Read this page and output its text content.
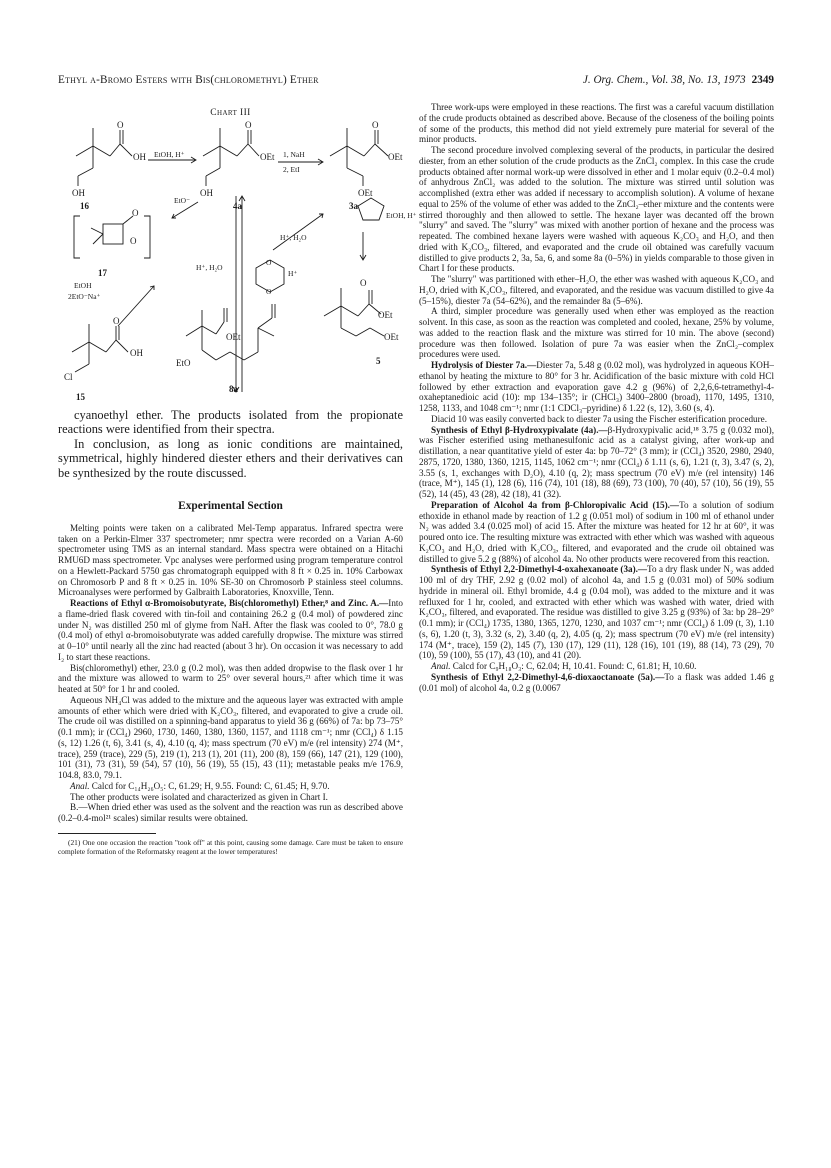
Ethyl α-Bromo Esters with Bis(chloromethyl) Ether	J. Org. Chem., Vol. 38, No. 13, 1973 2349
Chart III
O
OH
OH
16
EtOH, H⁺
O
OEt
OH
4a
1, NaH
2, EtI
O
OEt
OEt
3a
EtO⁻
O
O
17
H⁺, H₂O
H⁺
O
O
H⁺, H₂O
EtOH, H⁺
EtOH
2EtO⁻Na⁺
O
OEt
OEt
5
O
OH
Cl
15
OEt
EtO
8a

cyanoethyl ether. The products isolated from the propionate reactions were identified from their spectra.

In conclusion, as long as ionic conditions are maintained, symmetrical, highly hindered diester ethers and their derivatives can be synthesized by the route discussed.

Experimental Section

Melting points were taken on a calibrated Mel-Temp apparatus. Infrared spectra were taken on a Perkin-Elmer 337 spectrometer; nmr spectra were recorded on a Varian A-60 spectrometer using TMS as an internal standard. Mass spectra were obtained on a Hitachi RMU6D mass spectrometer. Vpc analyses were performed using program temperature control on a Hewlett-Packard 5750 gas chromatograph equipped with 8 ft × 0.25 in. 10% Carbowax on Chromosorb P and 8 ft × 0.25 in. 10% SE-30 on Chromosorb P stainless steel columns. Microanalyses were performed by Galbraith Laboratories, Knoxville, Tenn.

Reactions of Ethyl α-Bromoisobutyrate, Bis(chloromethyl) Ether,⁸ and Zinc. A.—Into a flame-dried flask covered with tin-foil and containing 26.2 g (0.4 mol) of powdered zinc under N₂ was distilled 250 ml of glyme from NaH. After the flask was cooled to 0°, 78.0 g (0.4 mol) of ethyl α-bromoisobutyrate was added carefully dropwise. The mixture was stirred at 0–10° until nearly all the zinc had reacted (about 3 hr). On occasion it was necessary to add I₂ to start these reactions.

Bis(chloromethyl) ether, 23.0 g (0.2 mol), was then added dropwise to the flask over 1 hr and the mixture was allowed to warm to 25° over several hours,²¹ after which time it was heated at 50° for 1 hr and cooled.

Aqueous NH₄Cl was added to the mixture and the aqueous layer was extracted with ample amounts of ether which were dried with K₂CO₃, filtered, and evaporated to give a crude oil. The crude oil was distilled on a spinning-band apparatus to yield 36 g (66%) of 7a: bp 73–75° (0.1 mm); ir (CCl₄) 2960, 1730, 1460, 1380, 1360, 1157, and 1118 cm⁻¹; nmr (CCl₄) δ 1.15 (s, 12) 1.26 (t, 6), 3.41 (s, 4), 4.10 (q, 4); mass spectrum (70 eV) m/e (rel intensity) 274 (M⁺, trace), 259 (trace), 229 (5), 219 (1), 213 (1), 201 (11), 200 (8), 159 (66), 147 (21), 129 (100), 101 (31), 73 (31), 59 (54), 57 (10), 56 (19), 55 (15), 43 (11); metastable peaks m/e 176.9, 104.8, 83.0, 79.1.

Anal. Calcd for C₁₄H₂₆O₅: C, 61.29; H, 9.55. Found: C, 61.45; H, 9.70.

The other products were isolated and characterized as given in Chart I.

B.—When dried ether was used as the solvent and the reaction was run as described above (0.2–0.4-mol²¹ scales) similar results were obtained.

(21) One one occasion the reaction "took off" at this point, causing some damage. Care must be taken to ensure complete formation of the Reformatsky reagent at the lower temperatures!

Three work-ups were employed in these reactions. The first was a careful vacuum distillation of the crude products obtained as described above. Because of the closeness of the boiling points of some of the products, this method did not yield extremely pure material for several of the minor products.

The second procedure involved complexing several of the products, in particular the desired diester, from an ether solution of the crude products as the ZnCl₂ complex. In this case the crude products obtained after normal work-up were dissolved in ether and 1 molar equiv (0.2–0.4 mol) of anhydrous ZnCl₂ was added to the solution. The mixture was stirred until solution was accomplished (extra ether was added if necessary to accomplish solution). A volume of hexane equal to 25% of the volume of ether was added to the ZnCl₂–ether mixture and the contents were stirred thoroughly and then allowed to settle. The hexane layer was decanted off the brown "slurry" and saved. The "slurry" was mixed with another portion of hexane and the process was repeated. The combined hexane layers were washed with aqueous K₂CO₃ and H₂O, and then dried with K₂CO₃, filtered, and evaporated and the crude oil obtained was carefully vacuum distilled to give products 2, 3a, 5a, 6, and some 8a (0–5%) in yields comparable to those given in Chart I for these products.

The "slurry" was partitioned with ether–H₂O, the ether was washed with aqueous K₂CO₃ and H₂O, dried with K₂CO₃, filtered, and evaporated, and the residue was vacuum distilled to give 4a (5–15%), diester 7a (54–62%), and the remainder 8a (5–6%).

A third, simpler procedure was generally used when ether was employed as the reaction solvent. In this case, as soon as the reaction was completed and cooled, hexane, 25% by volume, was added to the reaction flask and the mixture was stirred for 10 min. The above (second) procedure was then followed. Isolation of pure 7a was easier when the ZnCl₂–complex procedures were used.

Hydrolysis of Diester 7a.—Diester 7a, 5.48 g (0.02 mol), was hydrolyzed in aqueous KOH–ethanol by heating the mixture to 80° for 3 hr. Acidification of the basic mixture with cold HCl followed by ether extraction and evaporation gave 4.2 g (96%) of 2,2,6,6-tetramethyl-4-oxaheptanedioic acid (10): mp 134–135°; ir (CHCl₃) 3400–2800 (broad), 1170, 1495, 1310, 1258, 1133, and 1048 cm⁻¹; nmr (1:1 CDCl₃–pyridine) δ 1.22 (s, 12), 3.60 (s, 4).

Diacid 10 was easily converted back to diester 7a using the Fischer esterification procedure.

Synthesis of Ethyl β-Hydroxypivalate (4a).—β-Hydroxypivalic acid,¹⁸ 3.75 g (0.032 mol), was Fischer esterified using methanesulfonic acid as a catalyst giving, after work-up and distillation, a near quantitative yield of ester 4a: bp 70–72° (3 mm); ir (CCl₄) 3520, 2980, 2940, 2875, 1720, 1380, 1360, 1215, 1145, 1062 cm⁻¹; nmr (CCl₄) δ 1.11 (s, 6), 1.21 (t, 3), 3.47 (s, 2), 3.55 (s, 1, exchanges with D₂O), 4.10 (q, 2); mass spectrum (70 eV) m/e (rel intensity) 146 (trace, M⁺), 145 (1), 128 (6), 116 (74), 101 (18), 88 (69), 73 (100), 70 (40), 57 (10), 56 (19), 55 (52), 14 (45), 43 (28), 42 (18), 41 (32).

Preparation of Alcohol 4a from β-Chloropivalic Acid (15).—To a solution of sodium ethoxide in ethanol made by reaction of 1.2 g (0.051 mol) of sodium in 100 ml of ethanol under N₂ was added 3.4 (0.025 mol) of acid 15. After the mixture was heated for 12 hr at 60°, it was poured onto ice. The resulting mixture was extracted with ether which was washed with aqueous K₂CO₃ and H₂O, dried with K₂CO₃, filtered, and evaporated and the crude oil obtained was distilled to give 5.2 g (88%) of alcohol 4a. No other products were recovered from this reaction.

Synthesis of Ethyl 2,2-Dimethyl-4-oxahexanoate (3a).—To a dry flask under N₂ was added 100 ml of dry THF, 2.92 g (0.02 mol) of alcohol 4a, and 1.5 g (0.031 mol) of 50% sodium hydride in mineral oil. Ethyl bromide, 4.4 g (0.04 mol), was added to the mixture and it was refluxed for 1 hr, cooled, and extracted with ether which was washed with water, dried with K₂CO₃, filtered, and evaporated. The residue was distilled to give 3.25 g (93%) of 3a: bp 28–29° (0.1 mm); ir (CCl₄) 1735, 1380, 1365, 1270, 1230, and 1037 cm⁻¹; nmr (CCl₄) δ 1.09 (t, 3), 1.10 (s, 6), 1.20 (t, 3), 3.32 (s, 2), 3.40 (q, 2), 4.05 (q, 2); mass spectrum (70 eV) m/e (rel intensity) 174 (M⁺, trace), 159 (2), 145 (7), 130 (17), 129 (11), 128 (16), 101 (19), 88 (14), 73 (29), 70 (10), 59 (100), 55 (17), 43 (10), and 41 (20).

Anal. Calcd for C₉H₁₈O₃: C, 62.04; H, 10.41. Found: C, 61.81; H, 10.60.

Synthesis of Ethyl 2,2-Dimethyl-4,6-dioxaoctanoate (5a).—To a flask was added 1.46 g (0.01 mol) of alcohol 4a, 0.2 g (0.0067
